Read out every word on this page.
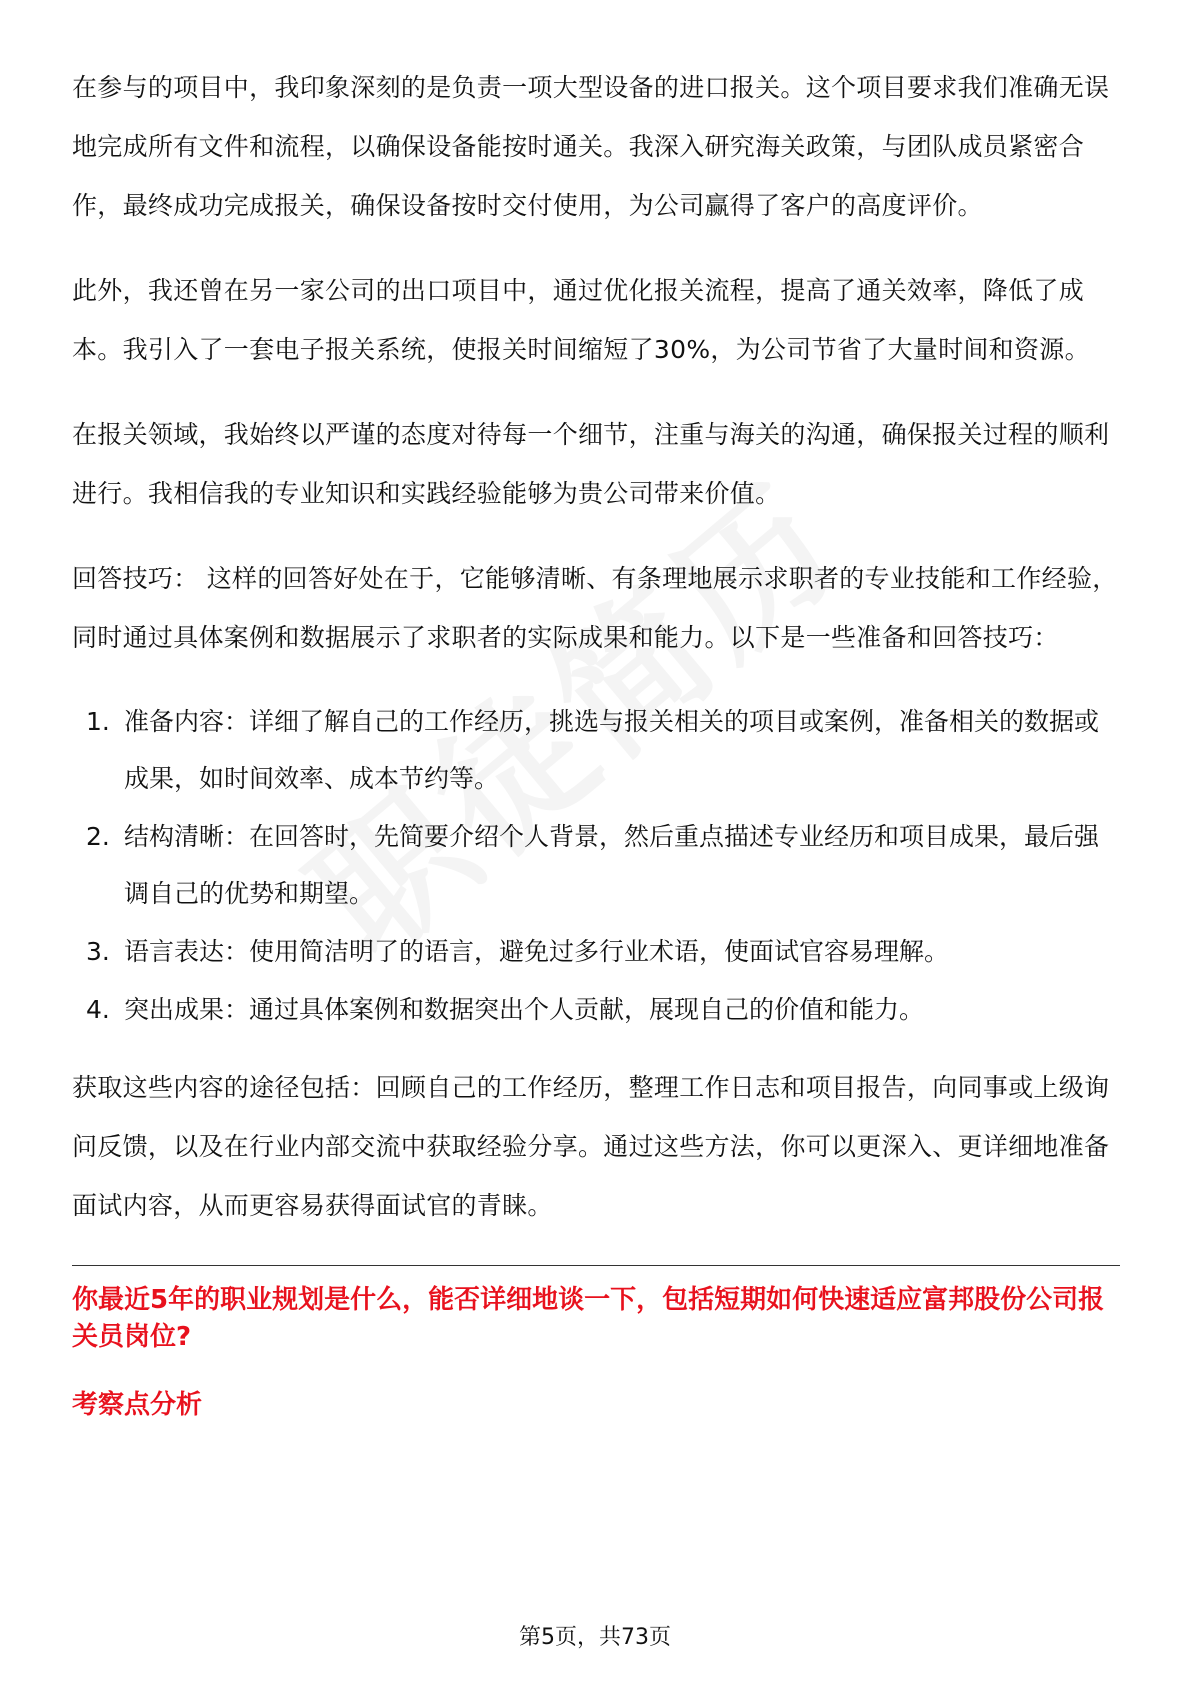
在参与的项目中，我印象深刻的是负责一项大型设备的进口报关。这个项目要求我们准确无误地完成所有文件和流程，以确保设备能按时通关。我深入研究海关政策，与团队成员紧密合作，最终成功完成报关，确保设备按时交付使用，为公司赢得了客户的高度评价。

此外，我还曾在另一家公司的出口项目中，通过优化报关流程，提高了通关效率，降低了成本。我引入了一套电子报关系统，使报关时间缩短了30%，为公司节省了大量时间和资源。

在报关领域，我始终以严谨的态度对待每一个细节，注重与海关的沟通，确保报关过程的顺利进行。我相信我的专业知识和实践经验能够为贵公司带来价值。

回答技巧： 这样的回答好处在于，它能够清晰、有条理地展示求职者的专业技能和工作经验，同时通过具体案例和数据展示了求职者的实际成果和能力。以下是一些准备和回答技巧：

1. 准备内容：详细了解自己的工作经历，挑选与报关相关的项目或案例，准备相关的数据或成果，如时间效率、成本节约等。
2. 结构清晰：在回答时，先简要介绍个人背景，然后重点描述专业经历和项目成果，最后强调自己的优势和期望。
3. 语言表达：使用简洁明了的语言，避免过多行业术语，使面试官容易理解。
4. 突出成果：通过具体案例和数据突出个人贡献，展现自己的价值和能力。

获取这些内容的途径包括：回顾自己的工作经历，整理工作日志和项目报告，向同事或上级询问反馈，以及在行业内部交流中获取经验分享。通过这些方法，你可以更深入、更详细地准备面试内容，从而更容易获得面试官的青睐。

你最近5年的职业规划是什么，能否详细地谈一下，包括短期如何快速适应富邦股份公司报关员岗位?
考察点分析
第5页，共73页
